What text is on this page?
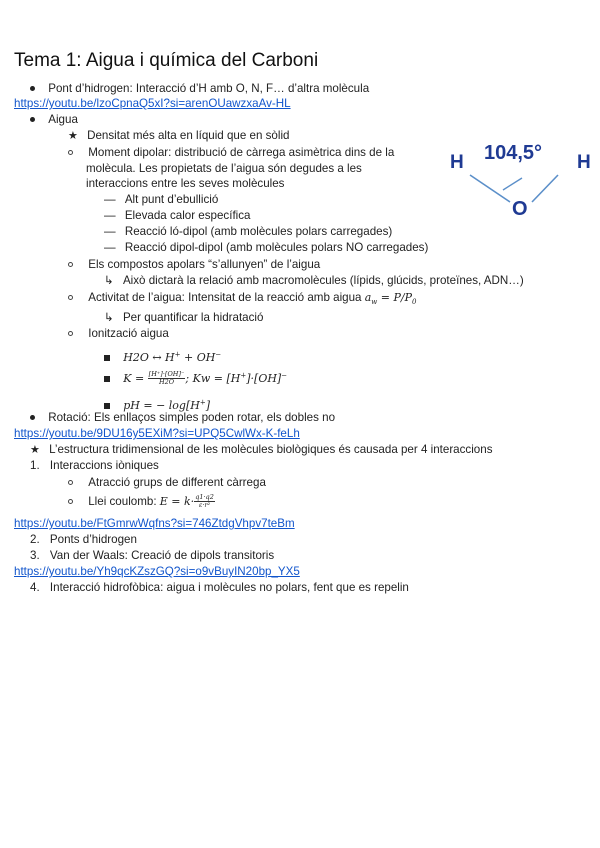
Tema 1: Aigua i química del Carboni
Pont d’hidrogen: Interacció d’H amb O, N, F… d’altra molècula
https://youtu.be/lzoCpnaQ5xI?si=arenOUawzxaAv-HL
Aigua
★ Densitat més alta en líquid que en sòlid
Moment dipolar: distribució de càrrega asimètrica dins de la
molècula. Les propietats de l’aigua són degudes a les
interaccions entre les seves molècules
— Alt punt d’ebullició
— Elevada calor específica
— Reacció ló-dipol (amb molècules polars carregades)
— Reacció dipol-dipol (amb molècules polars NO carregades)
Els compostos apolars “s’allunyen” de l’aigua
↳ Això dictarà la relació amb macromolècules (lípids, glúcids, proteïnes, ADN…)
Activitat de l’aigua: Intensitat de la reacció amb aigua $a_w = P/P_0$
↳ Per quantificar la hidratació
Ionització aigua
H2O ↔ H+ + OH−
$K = \frac{[H^+]\cdot[OH]^-}{H2O}$ ; Kw = [H+]·[OH]−
pH = − log[H+]
Rotació: Els enllaços simples poden rotar, els dobles no
https://youtu.be/9DU16y5EXiM?si=UPQ5CwlWx-K-feLh
★ L’estructura tridimensional de les molècules biològiques és causada per 4 interaccions
1. Interaccions iòniques
Atracció grups de different càrrega
Llei coulomb: $E = k\cdot \frac{q1\cdot q2}{\text{ε·r²}}$
https://youtu.be/FtGmrwWqfns?si=746ZtdgVhpv7teBm
2. Ponts d’hidrogen
3. Van der Waals: Creació de dipols transitoris
https://youtu.be/Yh9qcKZszGQ?si=o9vBuyIN20bp_YX5
4. Interacció hidrofòbica: aigua i molècules no polars, fent que es repelin
H 104,5° H
O
